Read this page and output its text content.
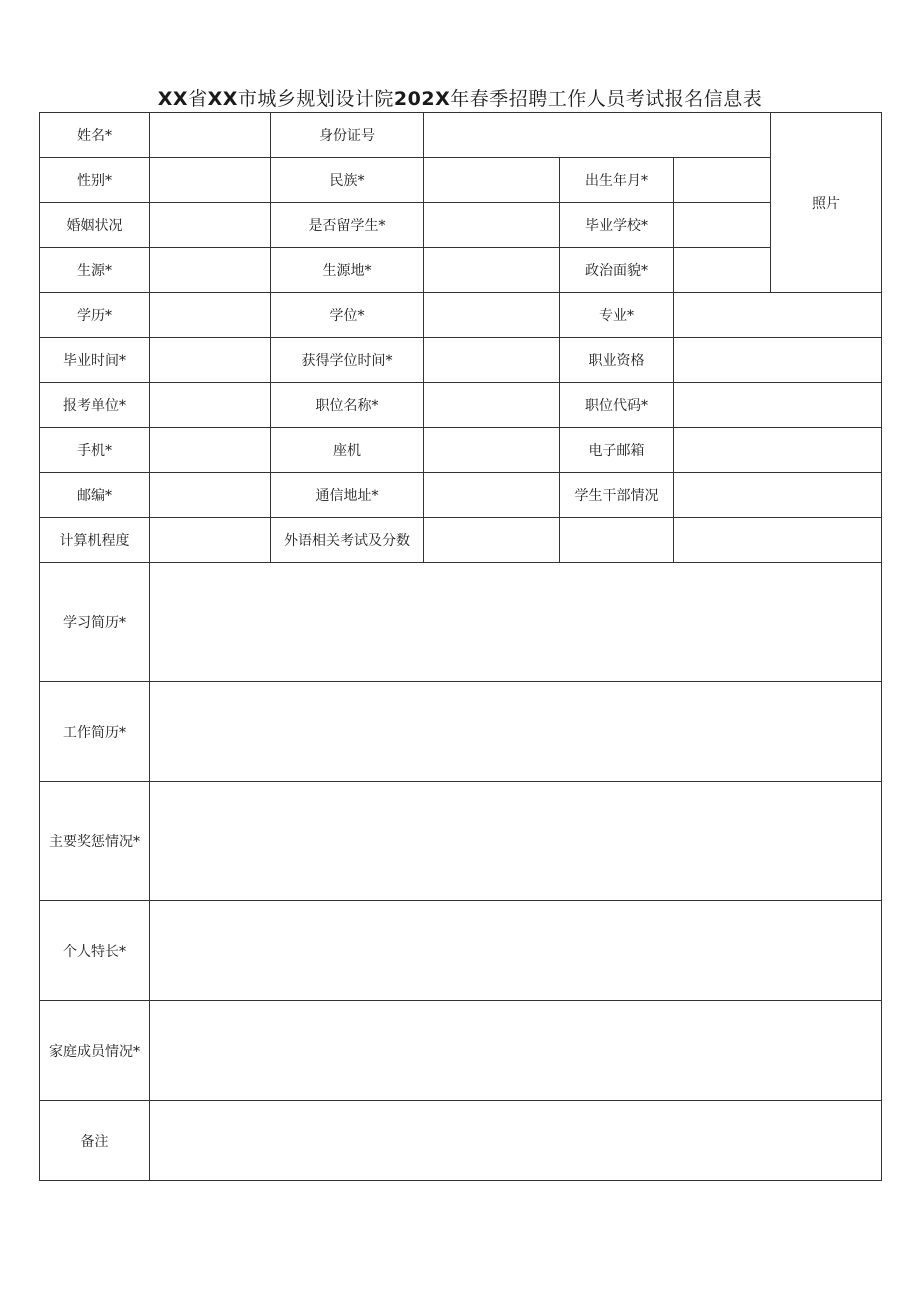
XX省XX市城乡规划设计院202X年春季招聘工作人员考试报名信息表
姓名*		身份证号				照片
性别*		民族*		出生年月*		
婚姻状况		是否留学生*		毕业学校*		
生源*		生源地*		政治面貌*		
学历*		学位*		专业*		
毕业时间*		获得学位时间*		职业资格		
报考单位*		职位名称*		职位代码*		
手机*		座机		电子邮箱		
邮编*		通信地址*		学生干部情况		
计算机程度		外语相关考试及分数				
学习简历*						
工作简历*						
主要奖惩情况*						
个人特长*						
家庭成员情况*						
备注						
